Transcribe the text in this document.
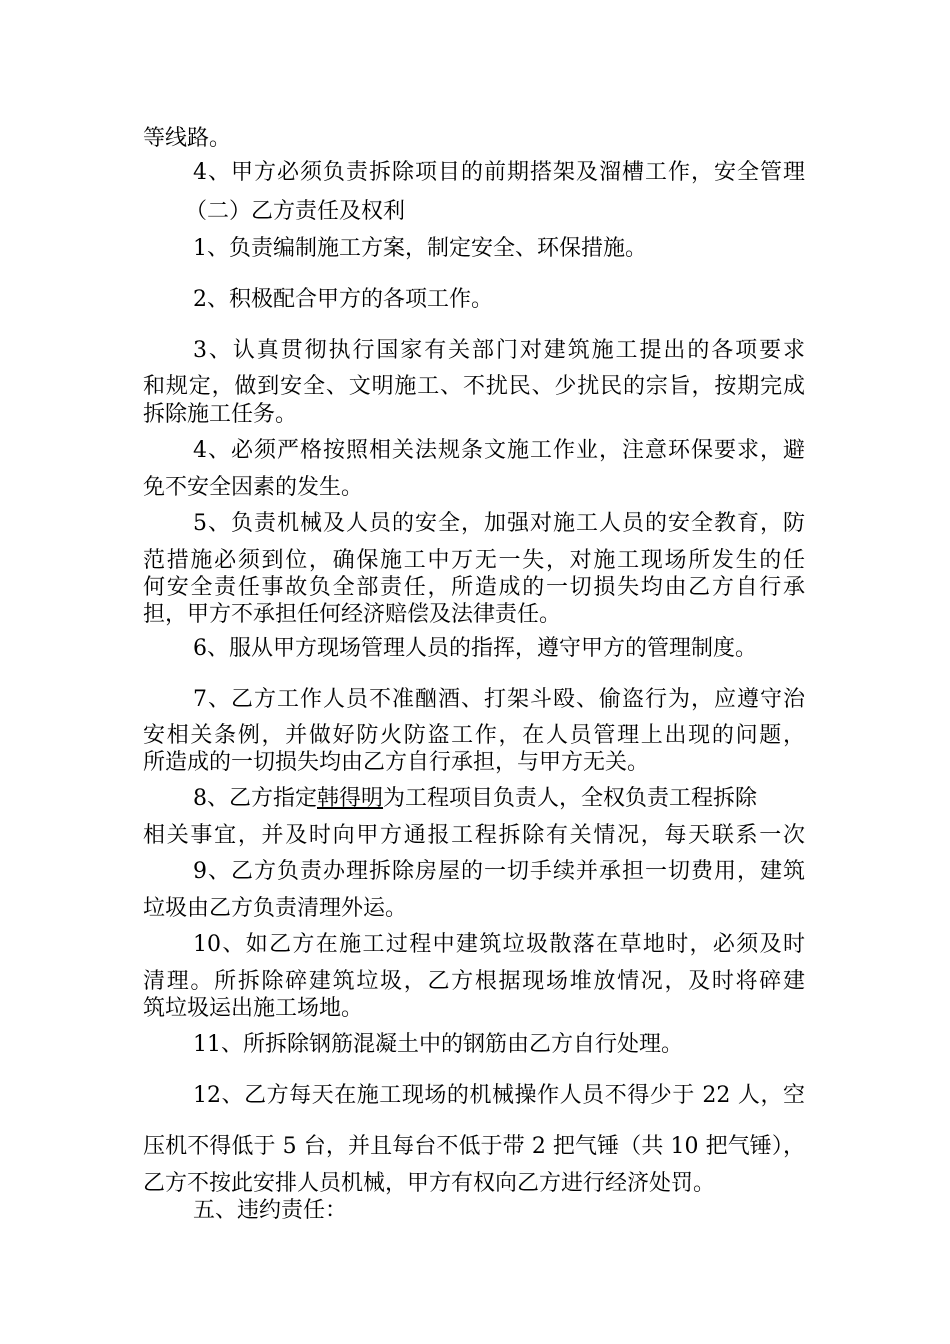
等线路。
4、甲方必须负责拆除项目的前期搭架及溜槽工作，安全管理
（二）乙方责任及权利
1、负责编制施工方案，制定安全、环保措施。
2、积极配合甲方的各项工作。
3、认真贯彻执行国家有关部门对建筑施工提出的各项要求
和规定，做到安全、文明施工、不扰民、少扰民的宗旨，按期完成
拆除施工任务。
4、必须严格按照相关法规条文施工作业，注意环保要求，避
免不安全因素的发生。
5、负责机械及人员的安全，加强对施工人员的安全教育，防
范措施必须到位，确保施工中万无一失，对施工现场所发生的任
何安全责任事故负全部责任，所造成的一切损失均由乙方自行承
担，甲方不承担任何经济赔偿及法律责任。
6、服从甲方现场管理人员的指挥，遵守甲方的管理制度。
7、乙方工作人员不准酗酒、打架斗殴、偷盗行为，应遵守治
安相关条例，并做好防火防盗工作，在人员管理上出现的问题，
所造成的一切损失均由乙方自行承担，与甲方无关。
8、乙方指定韩得明为工程项目负责人，全权负责工程拆除
相关事宜，并及时向甲方通报工程拆除有关情况，每天联系一次
9、乙方负责办理拆除房屋的一切手续并承担一切费用，建筑
垃圾由乙方负责清理外运。
10、如乙方在施工过程中建筑垃圾散落在草地时，必须及时
清理。所拆除碎建筑垃圾，乙方根据现场堆放情况，及时将碎建
筑垃圾运出施工场地。
11、所拆除钢筋混凝土中的钢筋由乙方自行处理。
12、乙方每天在施工现场的机械操作人员不得少于 22 人，空
压机不得低于 5 台，并且每台不低于带 2 把气锤（共 10 把气锤），
乙方不按此安排人员机械，甲方有权向乙方进行经济处罚。
五、违约责任：
